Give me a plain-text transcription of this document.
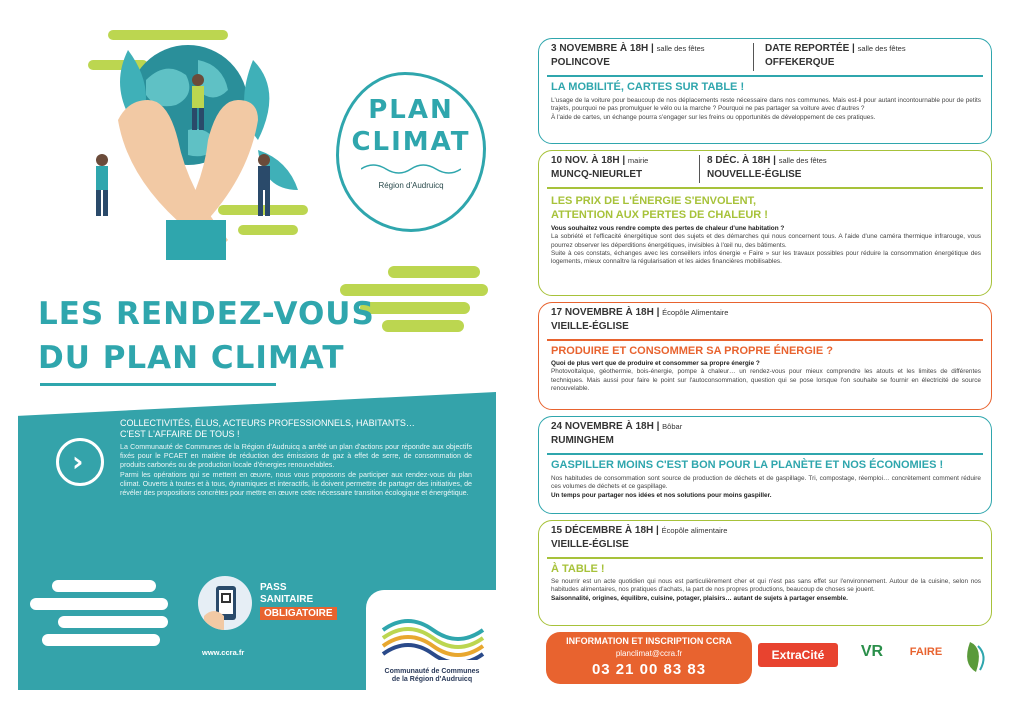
PLAN
CLIMAT
Région d'Audruicq
LES RENDEZ-VOUS
DU PLAN CLIMAT
›
COLLECTIVITÉS, ÉLUS, ACTEURS PROFESSIONNELS, HABITANTS…
C'EST L'AFFAIRE DE TOUS !

La Communauté de Communes de la Région d'Audruicq a arrêté un plan d'actions pour répondre aux objectifs fixés pour le PCAET en matière de réduction des émissions de gaz à effet de serre, de consommation de produits carbonés ou de production locale d'énergies renouvelables.

Parmi les opérations qui se mettent en œuvre, nous vous proposons de participer aux rendez-vous du plan climat. Ouverts à toutes et à tous, dynamiques et interactifs, ils doivent permettre de partager des initiatives, de révéler des propositions concrètes pour mettre en œuvre cette nécessaire transition écologique et énergétique.

PASS
SANITAIRE
OBLIGATOIRE
www.ccra.fr
Communauté de Communes
de la Région d'Audruicq
3 NOVEMBRE À 18H | salle des fêtes
POLINCOVE
DATE REPORTÉE | salle des fêtes
OFFEKERQUE
LA MOBILITÉ, CARTES SUR TABLE !
L'usage de la voiture pour beaucoup de nos déplacements reste nécessaire dans nos communes. Mais est-il pour autant incontournable pour de petits trajets, pourquoi ne pas promulguer le vélo ou la marche ? Pourquoi ne pas partager sa voiture avec d'autres ?
À l'aide de cartes, un échange pourra s'engager sur les freins ou opportunités de développement de ces pratiques.
10 NOV. À 18H | mairie
MUNCQ-NIEURLET
8 DÉC. À 18H | salle des fêtes
NOUVELLE-ÉGLISE
LES PRIX DE L'ÉNERGIE S'ENVOLENT,
ATTENTION AUX PERTES DE CHALEUR !
Vous souhaitez vous rendre compte des pertes de chaleur d'une habitation ?
La sobriété et l'efficacité énergétique sont des sujets et des démarches qui nous concernent tous. A l'aide d'une caméra thermique infrarouge, vous pourrez observer les déperditions énergétiques, invisibles à l'œil nu, des bâtiments.
Suite à ces constats, échanges avec les conseillers infos énergie « Faire » sur les travaux possibles pour réduire la consommation énergétique des logements, mieux connaître la régularisation et les aides financières mobilisables.
17 NOVEMBRE À 18H | Écopôle Alimentaire
VIEILLE-ÉGLISE
PRODUIRE ET CONSOMMER SA PROPRE ÉNERGIE ?
Quoi de plus vert que de produire et consommer sa propre énergie ?
Photovoltaïque, géothermie, bois-énergie, pompe à chaleur… un rendez-vous pour mieux comprendre les atouts et les limites de différentes techniques. Mais aussi pour faire le point sur l'autoconsommation, question qui se pose lorsque l'on souhaite se fournir en électricité de source renouvelable.
24 NOVEMBRE À 18H | Bôbar
RUMINGHEM
GASPILLER MOINS C'EST BON POUR LA PLANÈTE ET NOS ÉCONOMIES !
Nos habitudes de consommation sont source de production de déchets et de gaspillage. Tri, compostage, réemploi… concrètement comment réduire ces volumes de déchets et ce gaspillage.
Un temps pour partager nos idées et nos solutions pour moins gaspiller.
15 DÉCEMBRE À 18H | Écopôle alimentaire
VIEILLE-ÉGLISE
À TABLE !
Se nourrir est un acte quotidien qui nous est particulièrement cher et qui n'est pas sans effet sur l'environnement. Autour de la cuisine, selon nos habitudes alimentaires, nos pratiques d'achats, la part de nos propres productions, beaucoup de choses se jouent.
Saisonnalité, origines, équilibre, cuisine, potager, plaisirs… autant de sujets à partager ensemble.
INFORMATION ET INSCRIPTION CCRA
planclimat@ccra.fr
03 21 00 83 83
ExtraCité	VR	FAIRE
